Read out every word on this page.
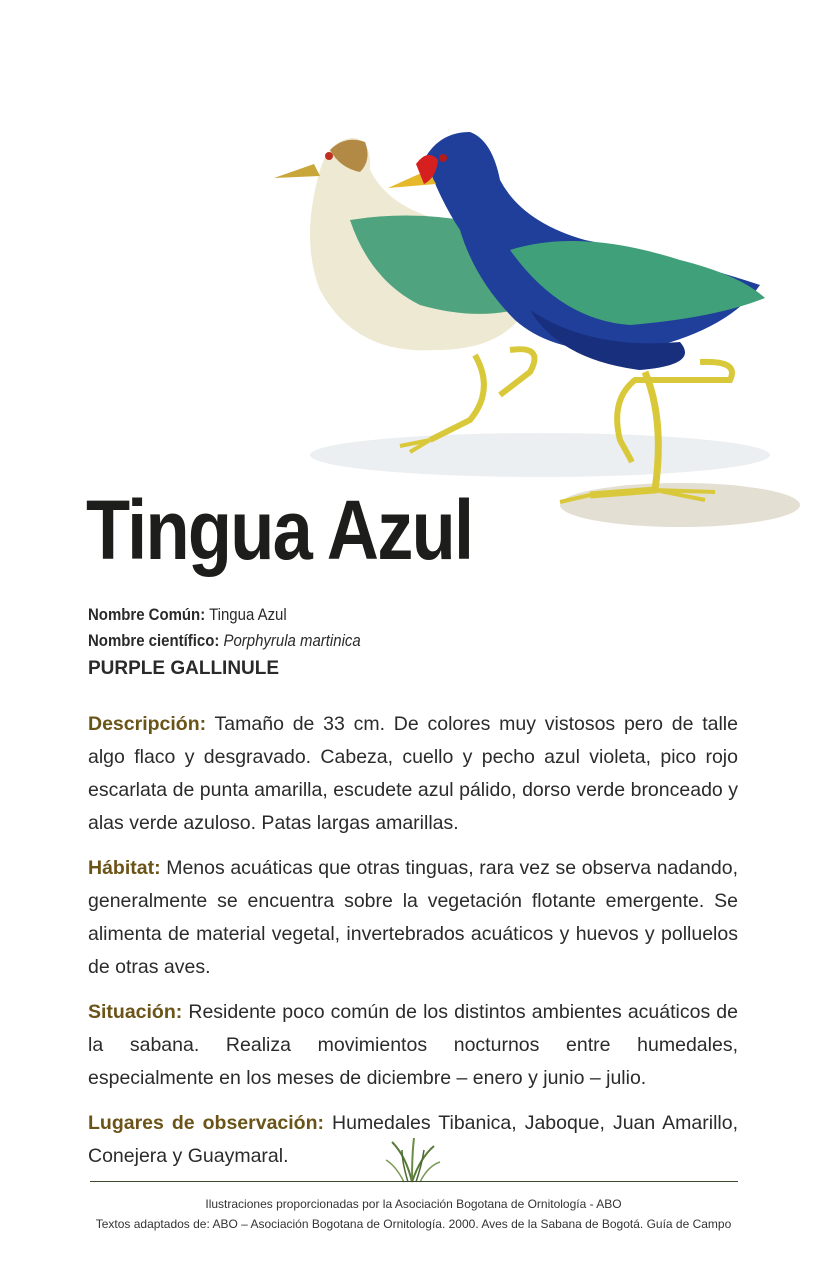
Tingua Azul
Nombre Común: Tingua Azul
Nombre científico: Porphyrula martinica
PURPLE GALLINULE

Descripción: Tamaño de 33 cm. De colores muy vistosos pero de talle algo flaco y desgravado. Cabeza, cuello y pecho azul violeta, pico rojo escarlata de punta amarilla, escudete azul pálido, dorso verde bronceado y alas verde azuloso. Patas largas amarillas.

Hábitat: Menos acuáticas que otras tinguas, rara vez se observa nadando, generalmente se encuentra sobre la vegetación flotante emergente. Se alimenta de material vegetal, invertebrados acuáticos y huevos y polluelos de otras aves.

Situación: Residente poco común de los distintos ambientes acuáticos de la sabana. Realiza movimientos nocturnos entre humedales, especialmente en los meses de diciembre – enero y junio – julio.

Lugares de observación: Humedales Tibanica, Jaboque, Juan Amarillo, Conejera y Guaymaral.

Ilustraciones proporcionadas por la Asociación Bogotana de Ornitología - ABO
Textos adaptados de: ABO – Asociación Bogotana de Ornitología. 2000. Aves de la Sabana de Bogotá. Guía de Campo
